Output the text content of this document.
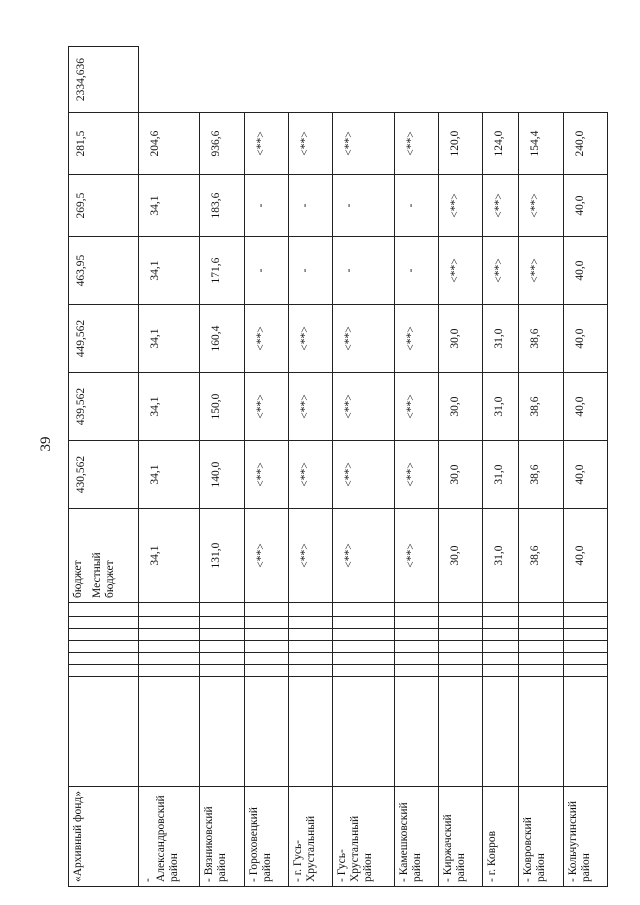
39
«Архивный фонд»								бюджет Местный бюджет	430,562	439,562	449,562	463,95	269,5	281,5	2334,636
- Александровский район								34,1	34,1	34,1	34,1	34,1	34,1	204,6	
- Вязниковский район								131,0	140,0	150,0	160,4	171,6	183,6	936,6	
- Гороховецкий район								<**>	<**>	<**>	<**>	-	-	<**>	
- г. Гусь-Хрустальный								<**>	<**>	<**>	<**>	-	-	<**>	
- Гусь-Хрустальный район								<**>	<**>	<**>	<**>	-	-	<**>	
- Камешковский район								<**>	<**>	<**>	<**>	-	-	<**>	
- Киржачский район								30,0	30,0	30,0	30,0	<**>	<**>	120,0	
- г. Ковров								31,0	31,0	31,0	31,0	<**>	<**>	124,0	
- Ковровский район								38,6	38,6	38,6	38,6	<**>	<**>	154,4	
- Кольчугинский район								40,0	40,0	40,0	40,0	40,0	40,0	240,0	
